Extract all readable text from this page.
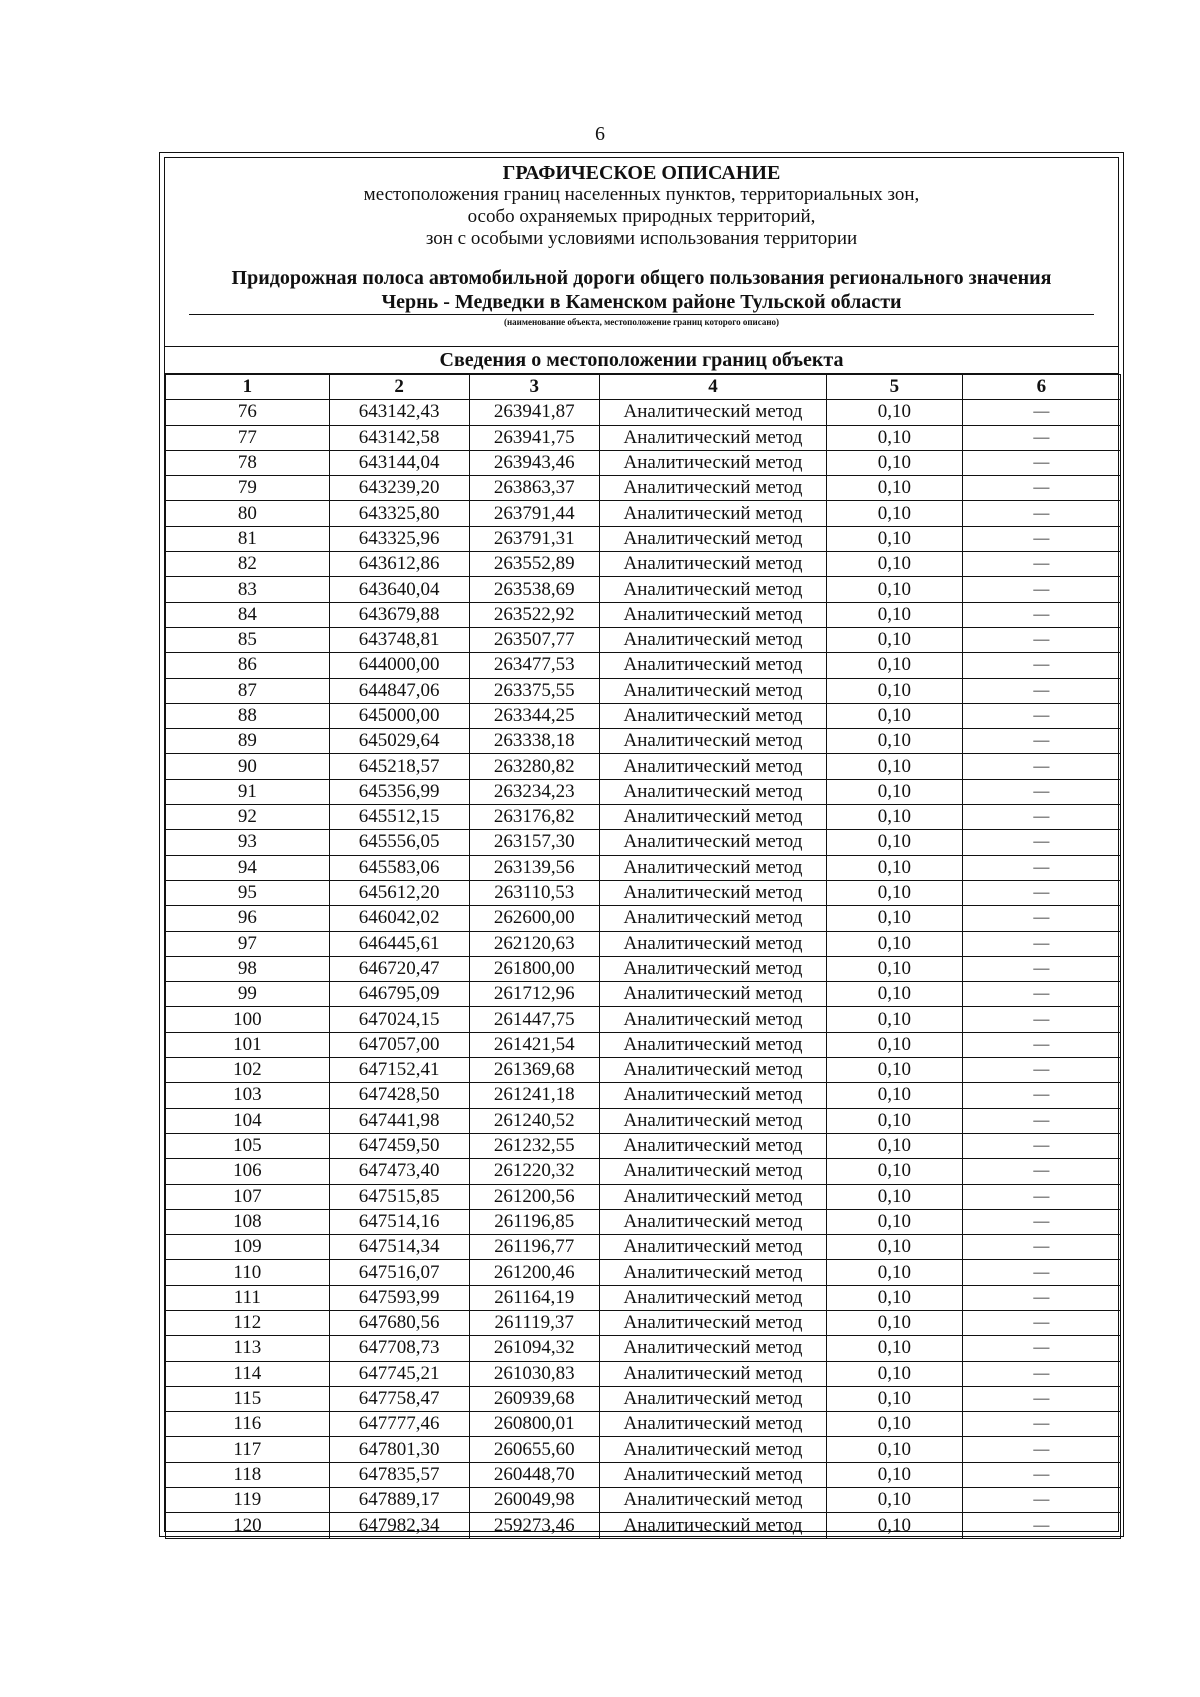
6
ГРАФИЧЕСКОЕ ОПИСАНИЕ
местоположения границ населенных пунктов, территориальных зон,
особо охраняемых природных территорий,
зон с особыми условиями использования территории
Придорожная полоса автомобильной дороги общего пользования регионального значения
Чернь - Медведки в Каменском районе Тульской области
(наименование объекта, местоположение границ которого описано)
Сведения о местоположении границ объекта
1	2	3	4	5	6
76	643142,43	263941,87	Аналитический метод	0,10	—
77	643142,58	263941,75	Аналитический метод	0,10	—
78	643144,04	263943,46	Аналитический метод	0,10	—
79	643239,20	263863,37	Аналитический метод	0,10	—
80	643325,80	263791,44	Аналитический метод	0,10	—
81	643325,96	263791,31	Аналитический метод	0,10	—
82	643612,86	263552,89	Аналитический метод	0,10	—
83	643640,04	263538,69	Аналитический метод	0,10	—
84	643679,88	263522,92	Аналитический метод	0,10	—
85	643748,81	263507,77	Аналитический метод	0,10	—
86	644000,00	263477,53	Аналитический метод	0,10	—
87	644847,06	263375,55	Аналитический метод	0,10	—
88	645000,00	263344,25	Аналитический метод	0,10	—
89	645029,64	263338,18	Аналитический метод	0,10	—
90	645218,57	263280,82	Аналитический метод	0,10	—
91	645356,99	263234,23	Аналитический метод	0,10	—
92	645512,15	263176,82	Аналитический метод	0,10	—
93	645556,05	263157,30	Аналитический метод	0,10	—
94	645583,06	263139,56	Аналитический метод	0,10	—
95	645612,20	263110,53	Аналитический метод	0,10	—
96	646042,02	262600,00	Аналитический метод	0,10	—
97	646445,61	262120,63	Аналитический метод	0,10	—
98	646720,47	261800,00	Аналитический метод	0,10	—
99	646795,09	261712,96	Аналитический метод	0,10	—
100	647024,15	261447,75	Аналитический метод	0,10	—
101	647057,00	261421,54	Аналитический метод	0,10	—
102	647152,41	261369,68	Аналитический метод	0,10	—
103	647428,50	261241,18	Аналитический метод	0,10	—
104	647441,98	261240,52	Аналитический метод	0,10	—
105	647459,50	261232,55	Аналитический метод	0,10	—
106	647473,40	261220,32	Аналитический метод	0,10	—
107	647515,85	261200,56	Аналитический метод	0,10	—
108	647514,16	261196,85	Аналитический метод	0,10	—
109	647514,34	261196,77	Аналитический метод	0,10	—
110	647516,07	261200,46	Аналитический метод	0,10	—
111	647593,99	261164,19	Аналитический метод	0,10	—
112	647680,56	261119,37	Аналитический метод	0,10	—
113	647708,73	261094,32	Аналитический метод	0,10	—
114	647745,21	261030,83	Аналитический метод	0,10	—
115	647758,47	260939,68	Аналитический метод	0,10	—
116	647777,46	260800,01	Аналитический метод	0,10	—
117	647801,30	260655,60	Аналитический метод	0,10	—
118	647835,57	260448,70	Аналитический метод	0,10	—
119	647889,17	260049,98	Аналитический метод	0,10	—
120	647982,34	259273,46	Аналитический метод	0,10	—
